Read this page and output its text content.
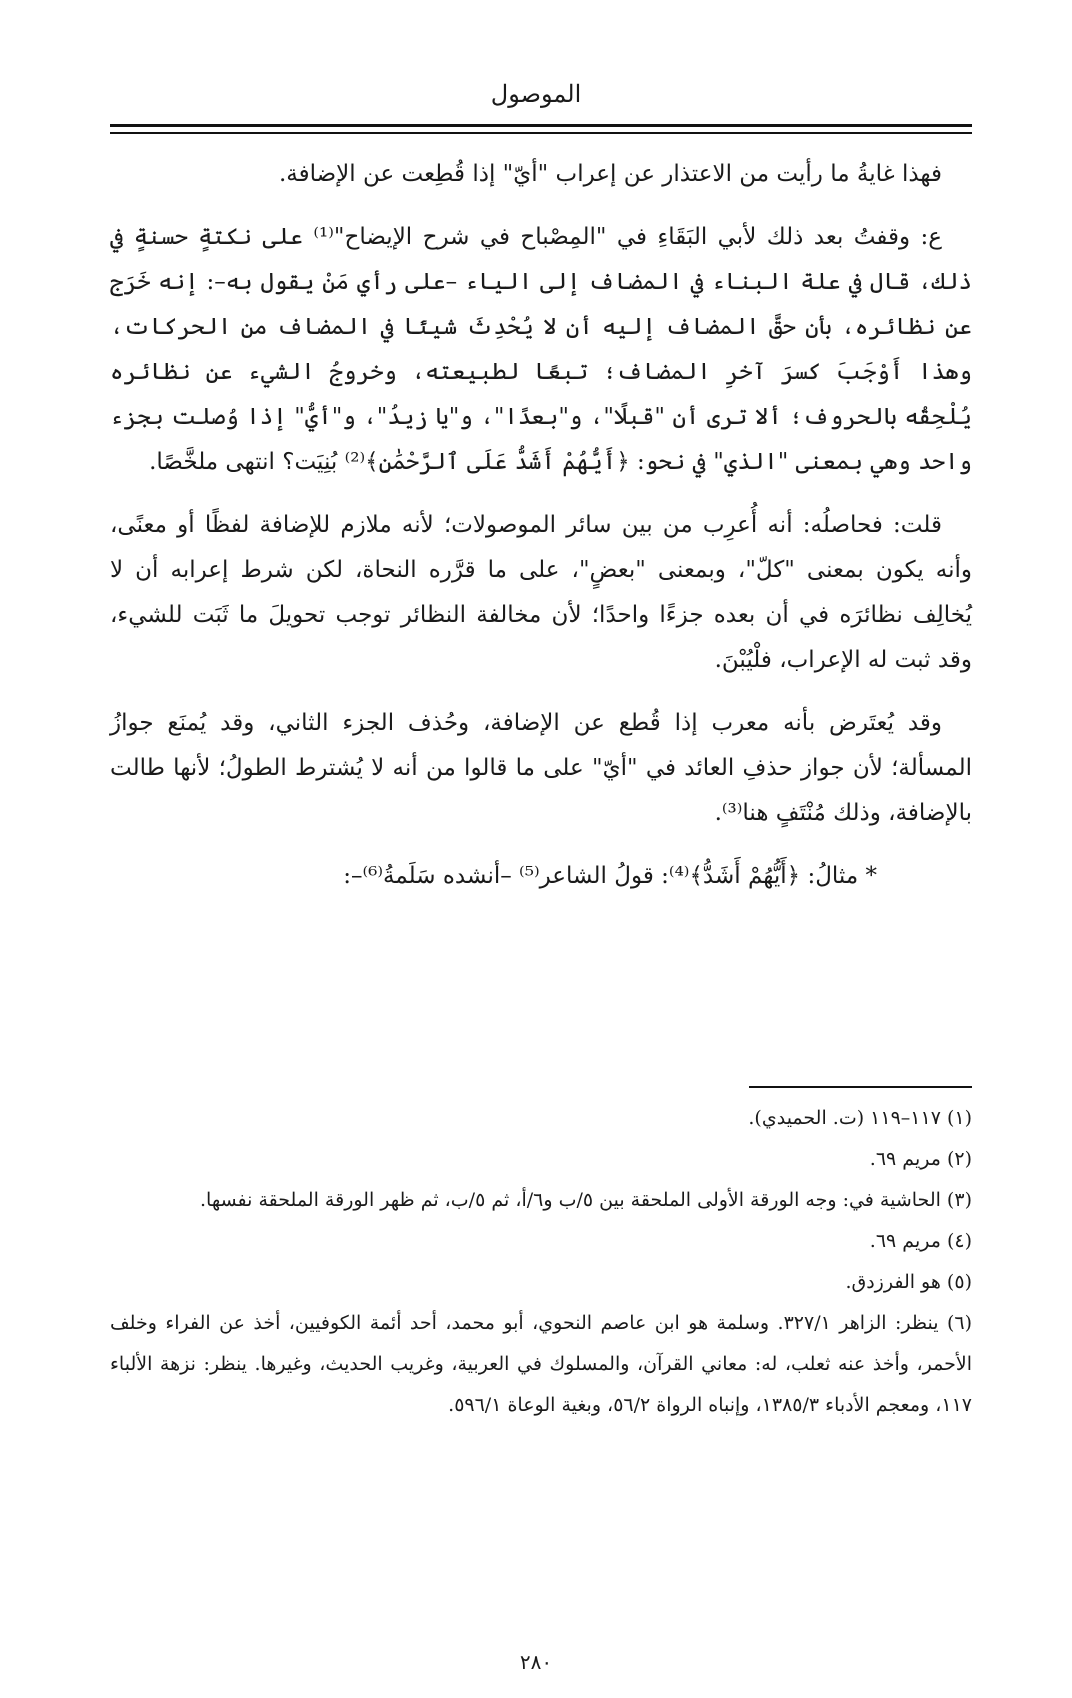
الموصول

فهذا غايةُ ما رأيت من الاعتذار عن إعراب "أيّ" إذا قُطِعت عن الإضافة.

ع: وقفتُ بعد ذلك لأبي البَقَاءِ في "المِصْباح في شرح الإيضاح"⁽¹⁾ على نكتةٍ حسنةٍ في ذلك، قال في علة البناء في المضاف إلى الياء –على رأي مَنْ يقول به–: إنه خَرَج عن نظائره، بأن حقَّ المضاف إليه أن لا يُحْدِثَ شيئًا في المضاف من الحركات، وهذا أَوْجَبَ كسرَ آخرِ المضاف؛ تبعًا لطبيعته، وخروجُ الشيء عن نظائره يُلْحِقُه بالحروف؛ ألا ترى أن "قبلًا"، و"بعدًا"، و"يا زيدُ"، و"أيُّ" إذا وُصلت بجزء واحد وهي بمعنى "الذي" في نحو: ﴿أَيُّهُمْ أَشَدُّ عَلَى ٱلرَّحْمَٰنِ﴾⁽²⁾ بُنِيَت؟ انتهى ملخَّصًا.

قلت: فحاصلُه: أنه أُعرِب من بين سائر الموصولات؛ لأنه ملازم للإضافة لفظًا أو معنًى، وأنه يكون بمعنى "كلّ"، وبمعنى "بعضٍ"، على ما قرَّره النحاة، لكن شرط إعرابه أن لا يُخالِف نظائرَه في أن بعده جزءًا واحدًا؛ لأن مخالفة النظائر توجب تحويلَ ما ثَبَت للشيء، وقد ثبت له الإعراب، فلْيُبْنَ.

وقد يُعتَرض بأنه معرب إذا قُطع عن الإضافة، وحُذف الجزء الثاني، وقد يُمنَع جوازُ المسألة؛ لأن جواز حذفِ العائد في "أيّ" على ما قالوا من أنه لا يُشترط الطولُ؛ لأنها طالت بالإضافة، وذلك مُنْتَفٍ هنا⁽³⁾.

* مثالُ: ﴿أَيُّهُمْ أَشَدُّ﴾⁽⁴⁾: قولُ الشاعر⁽⁵⁾ –أنشده سَلَمةُ⁽⁶⁾–:

(١) ١١٧–١١٩ (ت. الحميدي).

(٢) مريم ٦٩.

(٣) الحاشية في: وجه الورقة الأولى الملحقة بين ٥/ب و٦/أ، ثم ٥/ب، ثم ظهر الورقة الملحقة نفسها.

(٤) مريم ٦٩.

(٥) هو الفرزدق.

(٦) ينظر: الزاهر ٣٢٧/١. وسلمة هو ابن عاصم النحوي، أبو محمد، أحد أئمة الكوفيين، أخذ عن الفراء وخلف الأحمر، وأخذ عنه ثعلب، له: معاني القرآن، والمسلوك في العربية، وغريب الحديث، وغيرها. ينظر: نزهة الألباء ١١٧، ومعجم الأدباء ١٣٨٥/٣، وإنباه الرواة ٥٦/٢، وبغية الوعاة ٥٩٦/١.

٢٨٠
